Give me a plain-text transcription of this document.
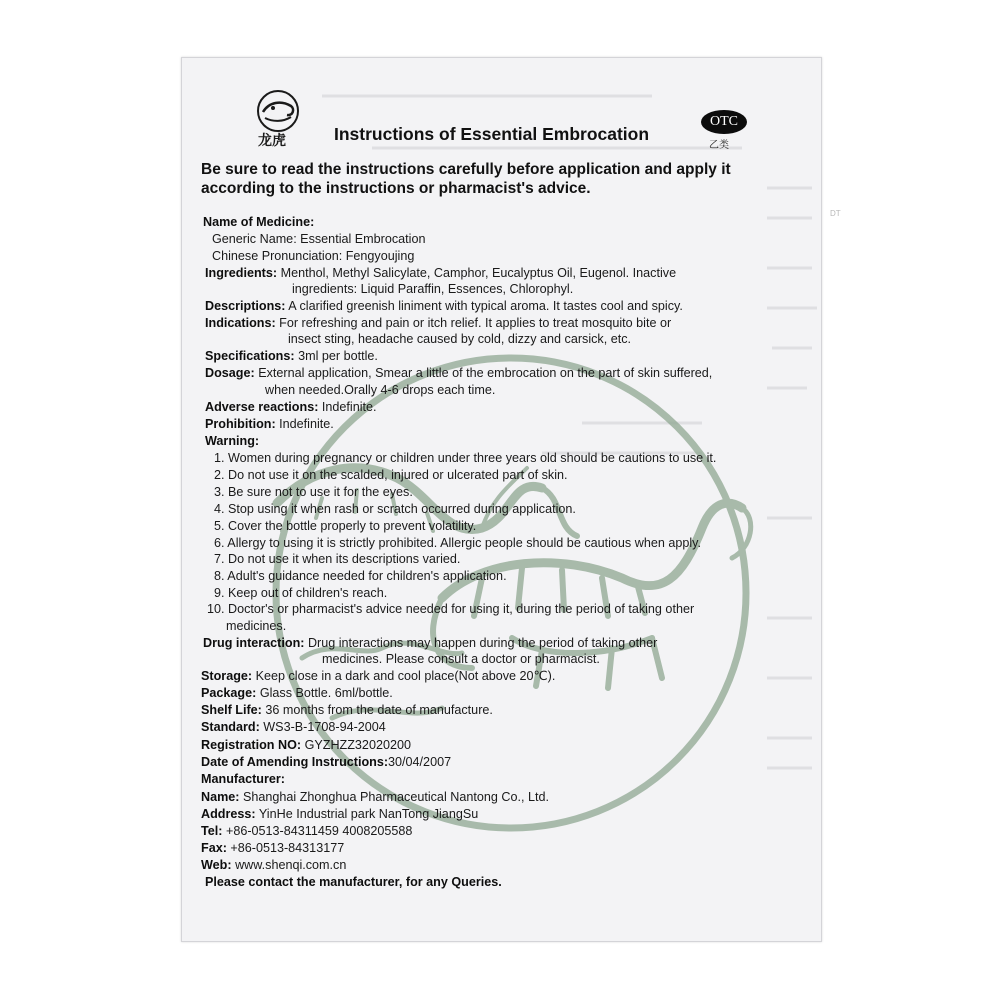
龙虎	Instructions of Essential Embrocation
OTC
乙类
Be sure to read the instructions carefully before application and apply it according to the instructions or pharmacist's advice.
Name of Medicine:
Generic Name: Essential Embrocation
Chinese Pronunciation: Fengyoujing
Ingredients: Menthol, Methyl Salicylate, Camphor, Eucalyptus Oil, Eugenol. Inactive
ingredients: Liquid Paraffin, Essences, Chlorophyl.
Descriptions: A clarified greenish liniment with typical aroma. It tastes cool and spicy.
Indications: For refreshing and pain or itch relief. It applies to treat mosquito bite or
insect sting, headache caused by cold, dizzy and carsick, etc.
Specifications: 3ml per bottle.
Dosage: External application, Smear a little of the embrocation on the part of skin suffered,
when needed.Orally 4-6 drops each time.
Adverse reactions: Indefinite.
Prohibition: Indefinite.
Warning:
1. Women during pregnancy or children under three years old should be cautions to use it.
2. Do not use it on the scalded, injured or ulcerated part of skin.
3. Be sure not to use it for the eyes.
4. Stop using it when rash or scratch occurred during application.
5. Cover the bottle properly to prevent volatility.
6. Allergy to using it is strictly prohibited. Allergic people should be cautious when apply.
7. Do not use it when its descriptions varied.
8. Adult's guidance needed for children's application.
9. Keep out of children's reach.
10. Doctor's or pharmacist's advice needed for using it, during the period of taking other
medicines.
Drug interaction: Drug interactions may happen during the period of taking other
medicines. Please consult a doctor or pharmacist.
Storage: Keep close in a dark and cool place(Not above 20℃).
Package: Glass Bottle. 6ml/bottle.
Shelf Life: 36 months from the date of manufacture.
Standard: WS3-B-1708-94-2004
Registration NO: GYZHZZ32020200
Date of Amending Instructions:30/04/2007
Manufacturer:
Name: Shanghai Zhonghua Pharmaceutical Nantong Co., Ltd.
Address: YinHe Industrial park NanTong JiangSu
Tel: +86-0513-84311459 4008205588
Fax: +86-0513-84313177
Web: www.shenqi.com.cn
Please contact the manufacturer, for any Queries.
DT
